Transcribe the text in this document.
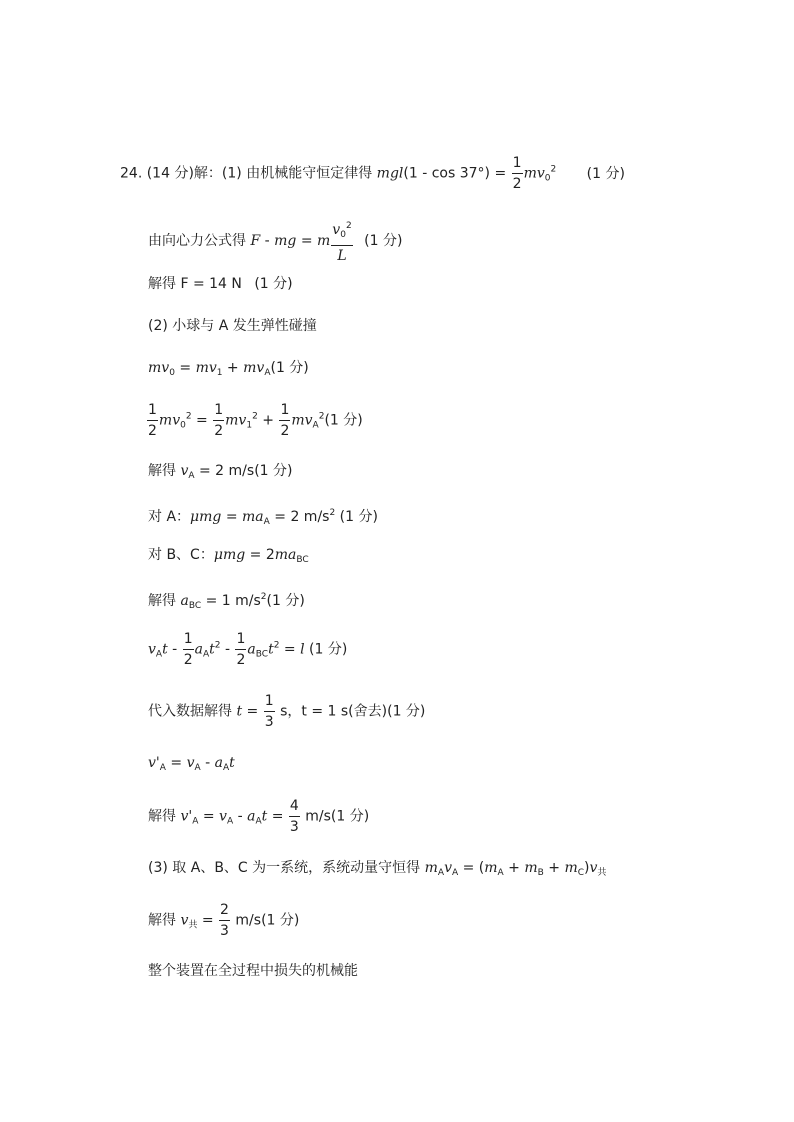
24. (14 分)解：(1) 由机械能守恒定律得 $mgl(1 - \cos 37^\circ) = \frac{1}{2} mv_0^2$ (1 分)
由向心力公式得 F - mg = m $\frac{v_0^2}{L} (1$ 分)
解得 F = 14 N (1 分)
(2) 小球与 A 发生弹性碰撞
$mv_0 = mv_1 + mv_A(1$ 分)
$\frac{1}{2} mv_0^2 = \frac{1}{2} mv_1^2 + \frac{1}{2} mv_A^2(1$ 分)
解得 $v_A = 2$ m/s(1 分)
对 A：$\mu mg = ma_A = 2$ $m/s^2$ (1 分)
对 B、C：$\mu mg = 2ma_{BC}$
解得 $a_{BC} = 1$ $m/s^2(1$ 分)
$v_At - \frac{1}{2} a_At^2 - \frac{1}{2} a_{BC}t^2 = l$ (1 分)
代入数据解得 $t = \frac{1}{3}$ s，t = 1 s(舍去)(1 分)
$v'_A = v_A - a_At$
解得 $v'_A = v_A - a_At = \frac{4}{3} m/s(1$ 分)
(3) 取 A、B、C 为一系统，系统动量守恒得 $m_Av_A = (m_A + m_B + m_C)v_共$
解得 $v_共 = \frac{2}{3} m/s(1$ 分)
整个装置在全过程中损失的机械能
